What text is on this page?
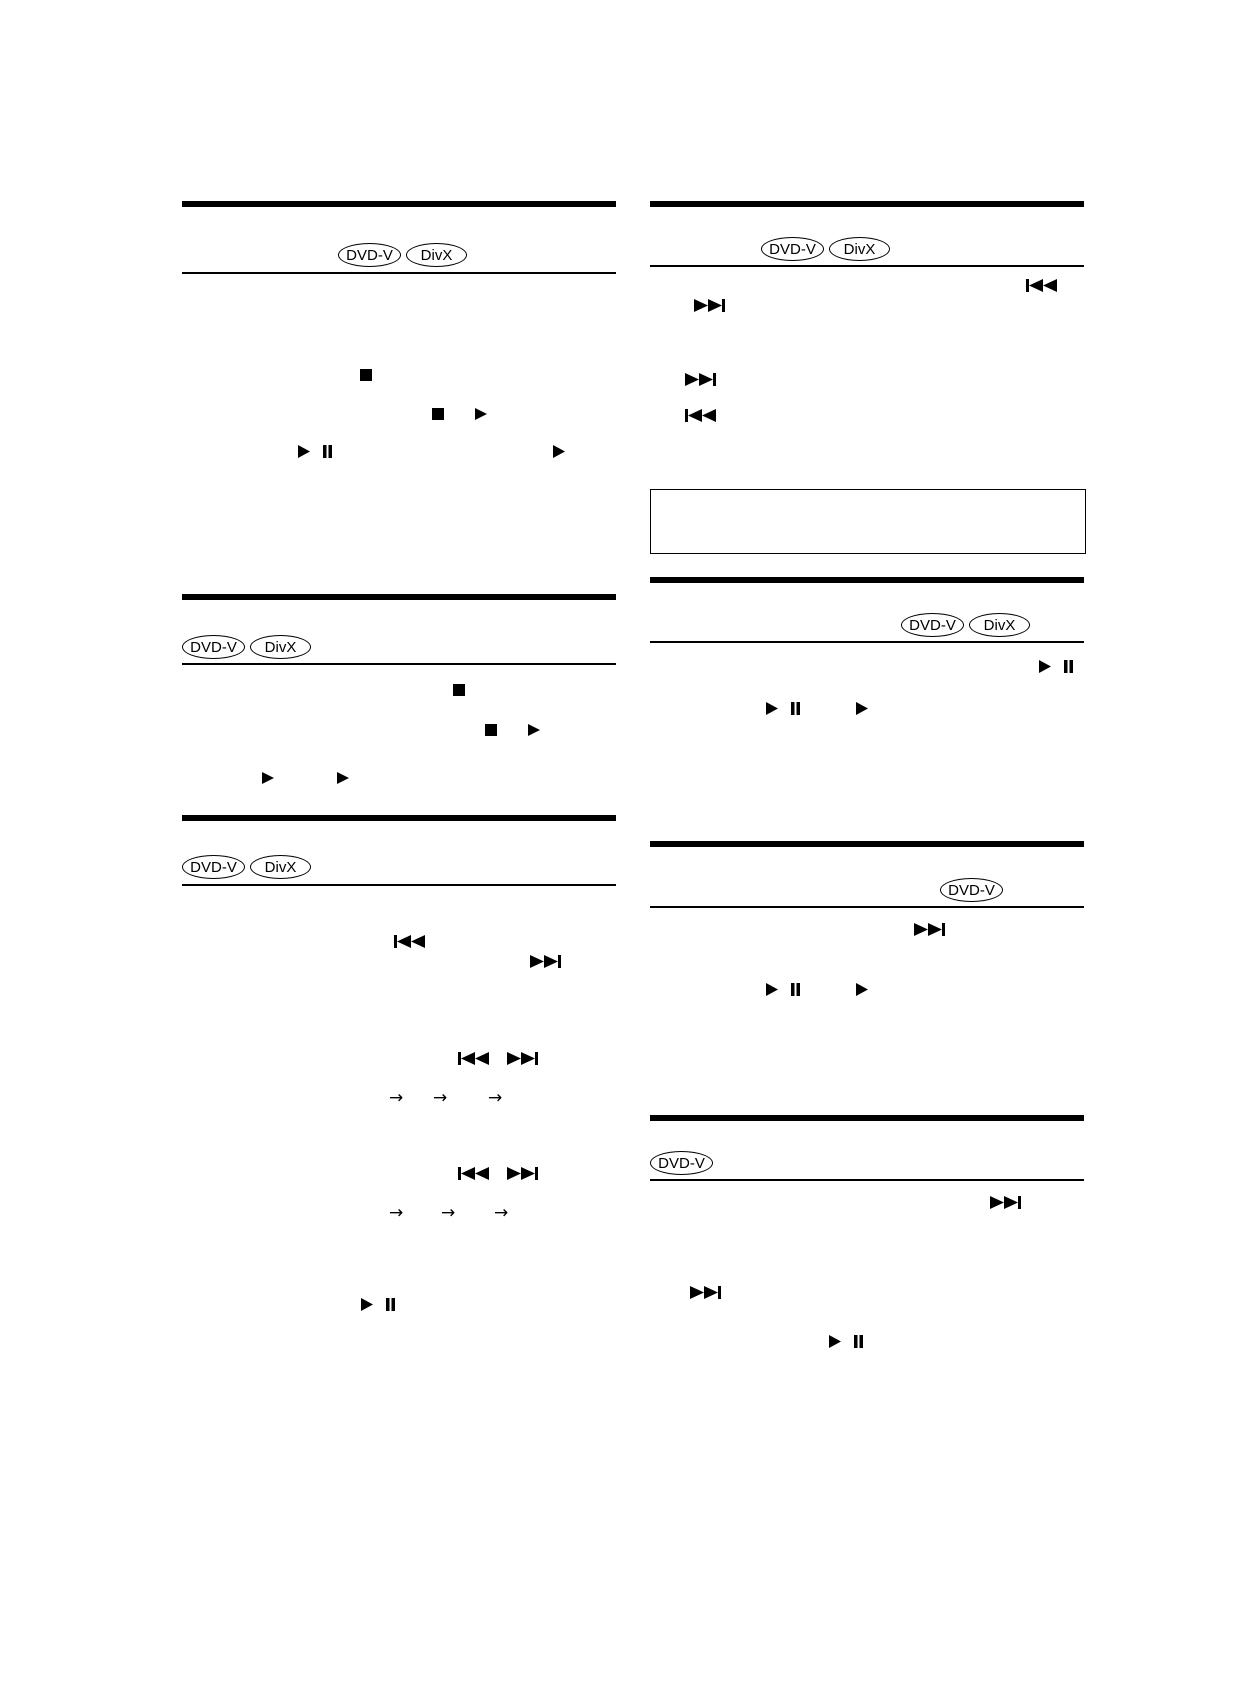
DVD-V	DivX
DVD-V	DivX
DVD-V	DivX
→ → →
→ → →
DVD-V	DivX
DVD-V	DivX
DVD-V
DVD-V
